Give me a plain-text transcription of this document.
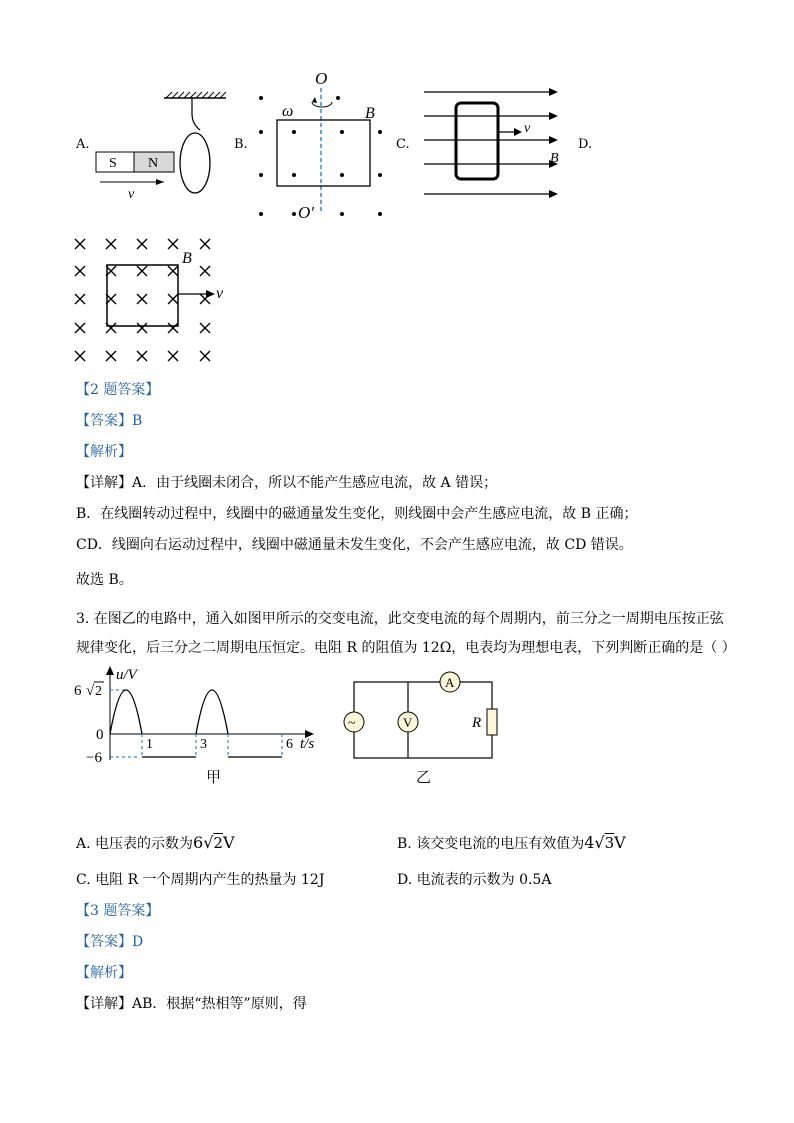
A.	B.	C.	D.
S N
v
O
ω	B
O′
v
B
B
v
【2 题答案】
【答案】B
【解析】
【详解】A．由于线圈未闭合，所以不能产生感应电流，故 A 错误；
B．在线圈转动过程中，线圈中的磁通量发生变化，则线圈中会产生感应电流，故 B 正确；
CD．线圈向右运动过程中，线圈中磁通量未发生变化，不会产生感应电流，故 CD 错误。
故选 B。
3. 在图乙的电路中，通入如图甲所示的交变电流，此交变电流的每个周期内，前三分之一周期电压按正弦
规律变化，后三分之二周期电压恒定。电阻 R 的阻值为 12Ω，电表均为理想电表，下列判断正确的是（ ）
u/V
6 √ 2
0
−6
1	3	6 t/s
甲
A
~	V	R
乙
A. 电压表的示数为6√2V	B. 该交变电流的电压有效值为4√3V
C. 电阻 R 一个周期内产生的热量为 12J	D. 电流表的示数为 0.5A
【3 题答案】
【答案】D
【解析】
【详解】AB．根据“热相等”原则，得
